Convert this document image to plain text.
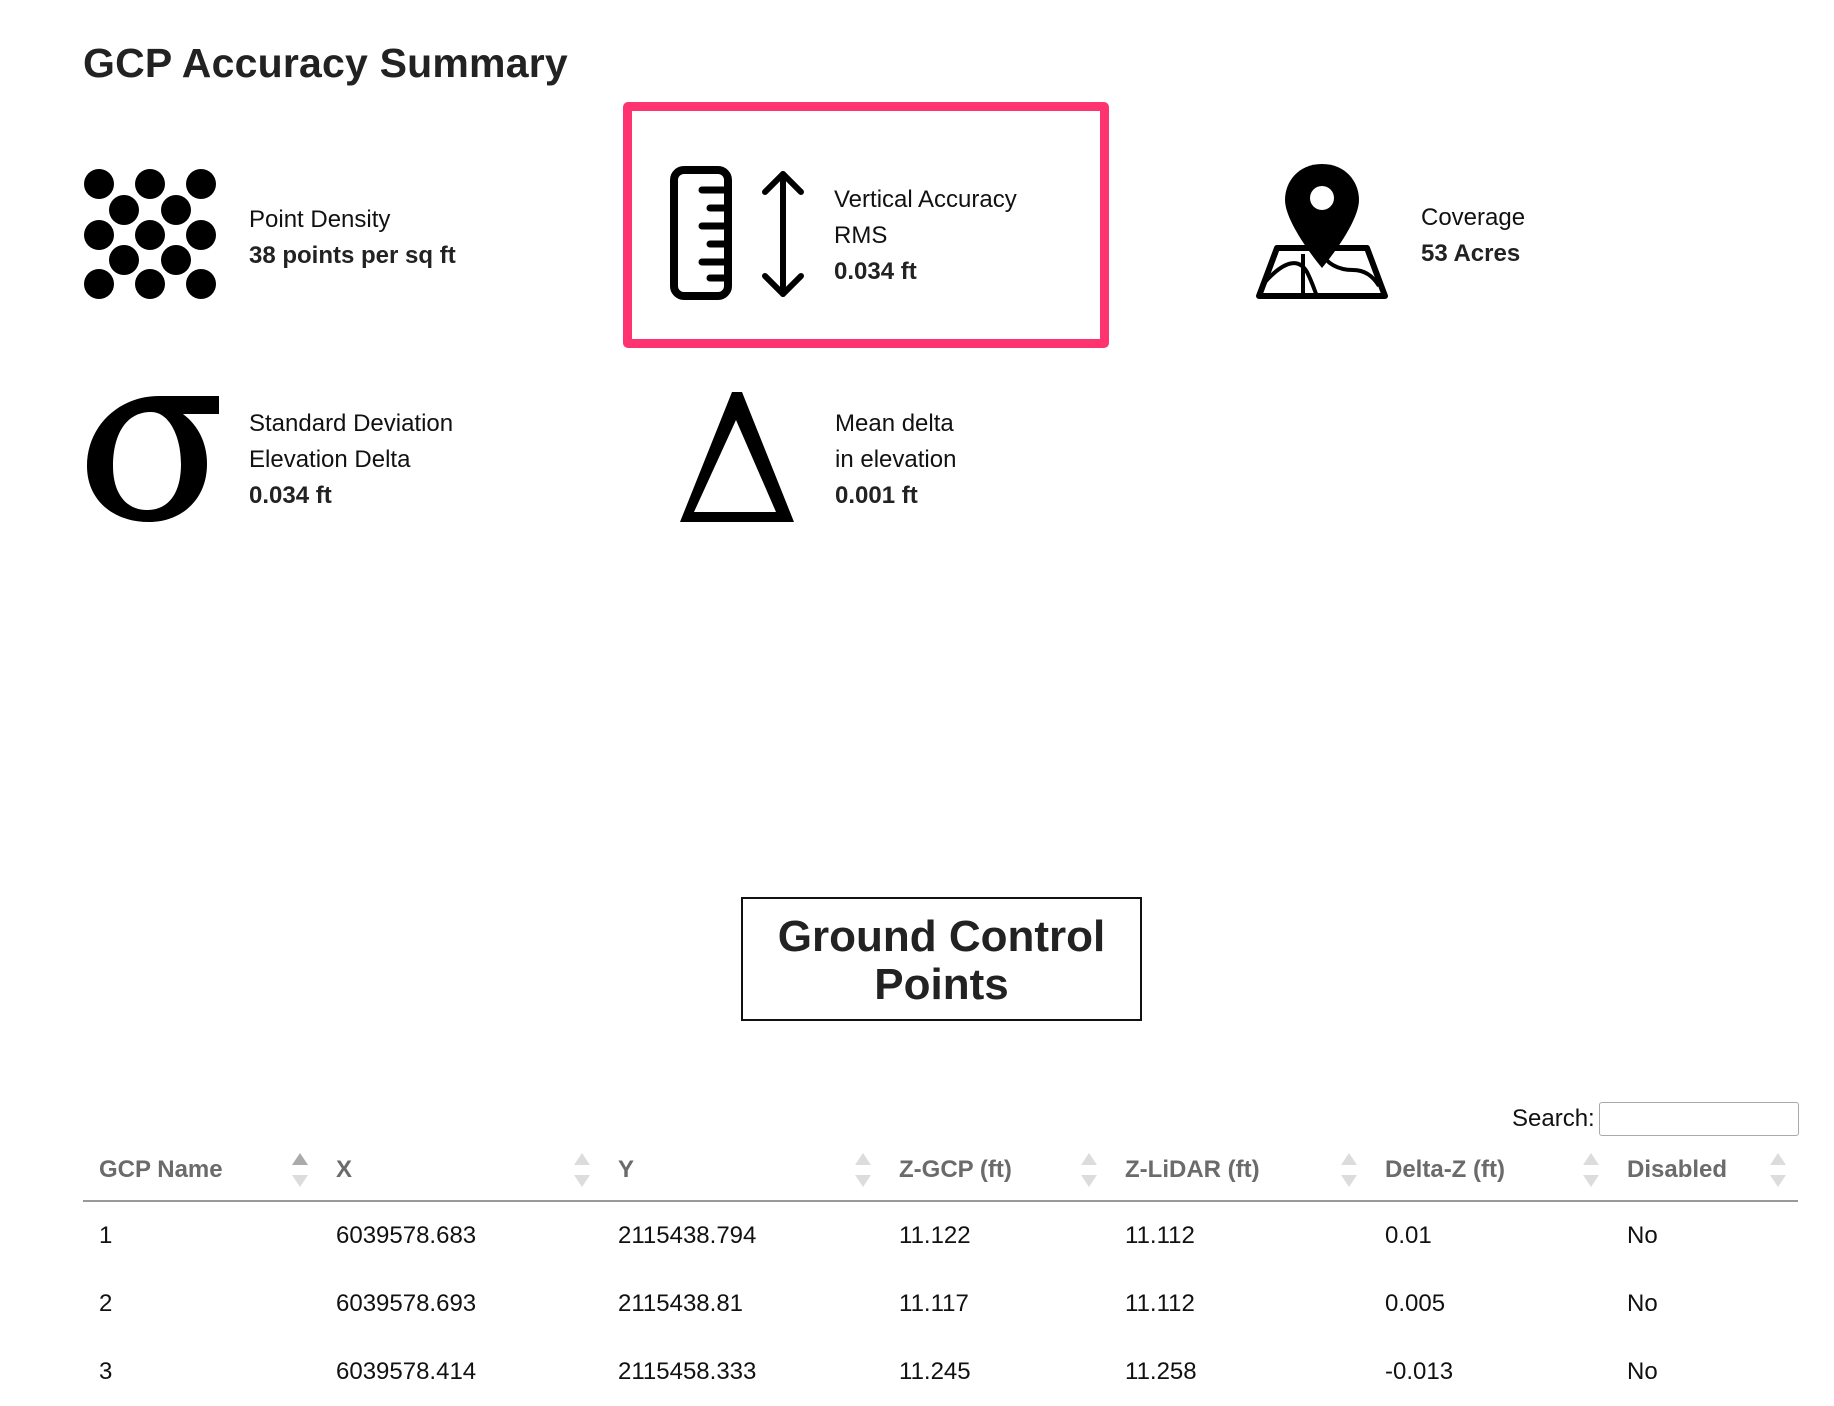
GCP Accuracy Summary
Point Density
38 points per sq ft
Vertical Accuracy
RMS
0.034 ft
Coverage
53 Acres
Standard Deviation
Elevation Delta
0.034 ft
Mean delta
in elevation
0.001 ft
Ground Control
Points
Search:
GCP Name	X	Y	Z-GCP (ft)	Z-LiDAR (ft)	Delta-Z (ft)	Disabled

1	6039578.683	2115438.794	11.122	11.112	0.01	No
2	6039578.693	2115438.81	11.117	11.112	0.005	No
3	6039578.414	2115458.333	11.245	11.258	-0.013	No
